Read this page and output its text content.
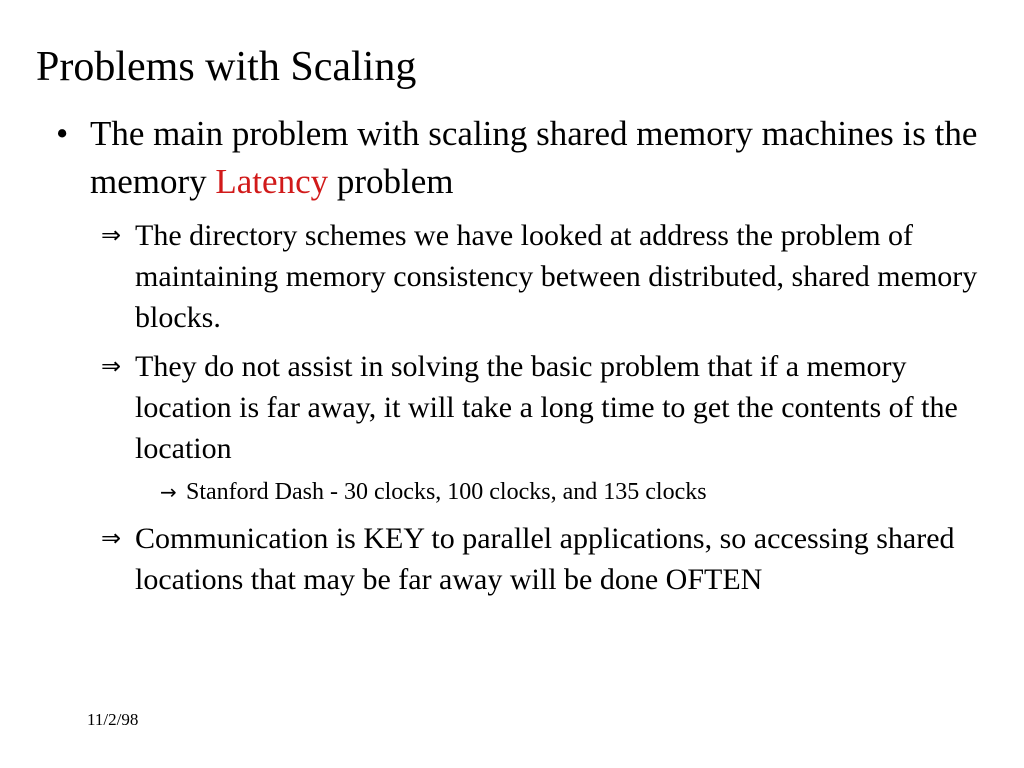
Problems with Scaling
• The main problem with scaling shared memory machines is the memory Latency problem
⇒ The directory schemes we have looked at address the problem of maintaining memory consistency between distributed, shared memory blocks.
⇒ They do not assist in solving the basic problem that if a memory location is far away, it will take a long time to get the contents of the location
→ Stanford Dash - 30 clocks, 100 clocks, and 135 clocks
⇒ Communication is KEY to parallel applications, so accessing shared locations that may be far away will be done OFTEN
11/2/98
